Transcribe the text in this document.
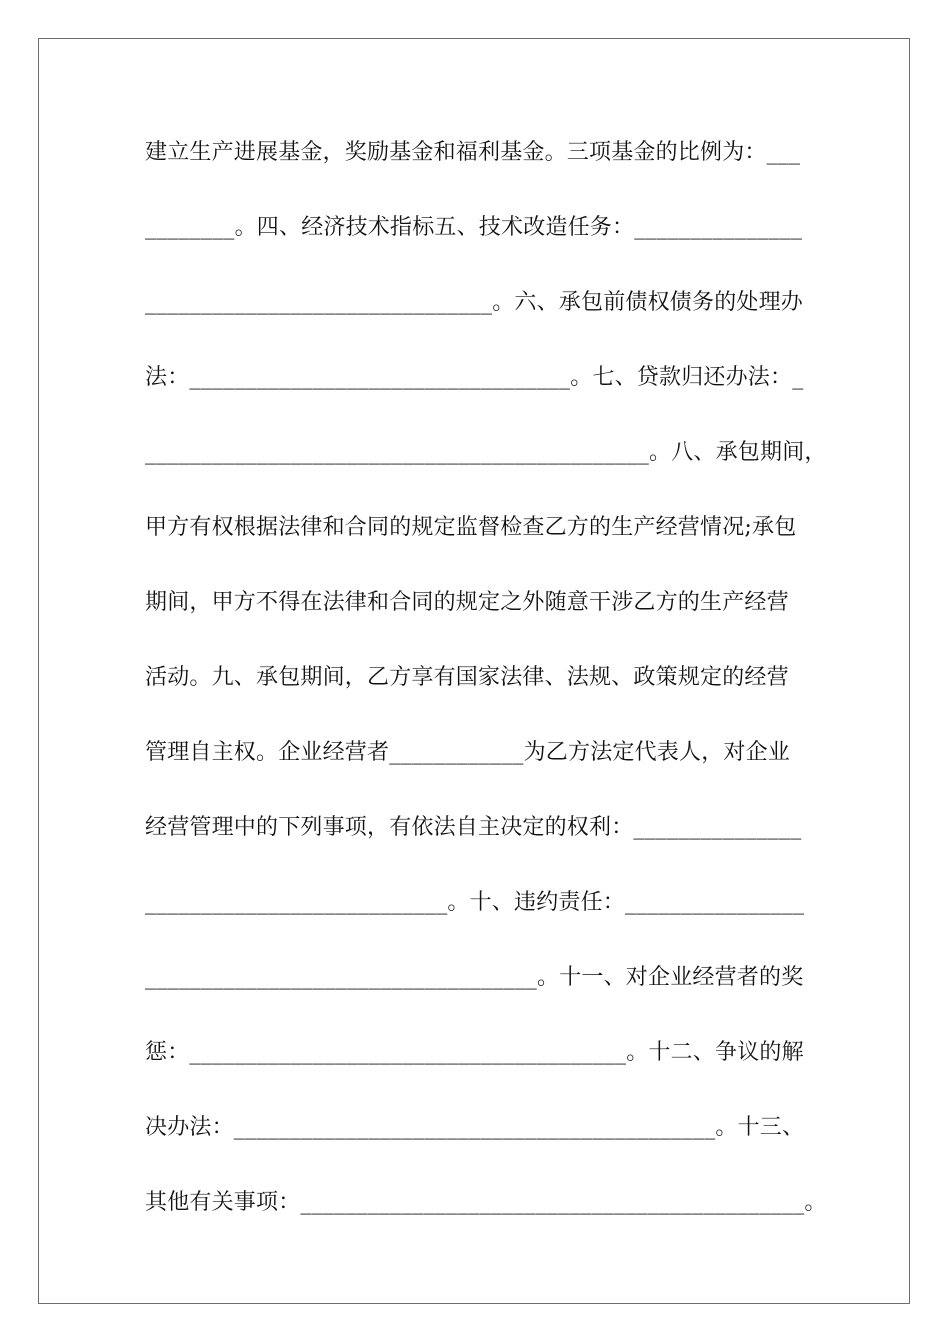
建立生产进展基金，奖励基金和福利基金。三项基金的比例为：___
________。四、经济技术指标五、技术改造任务：_______________
_______________________________。六、承包前债权债务的处理办
法：__________________________________。七、贷款归还办法：_
_____________________________________________。八、承包期间，
甲方有权根据法律和合同的规定监督检查乙方的生产经营情况;承包
期间，甲方不得在法律和合同的规定之外随意干涉乙方的生产经营
活动。九、承包期间，乙方享有国家法律、法规、政策规定的经营
管理自主权。企业经营者____________为乙方法定代表人，对企业
经营管理中的下列事项，有依法自主决定的权利：_______________
___________________________。十、违约责任：________________
___________________________________。十一、对企业经营者的奖
惩：_______________________________________。十二、争议的解
决办法：___________________________________________。十三、
其他有关事项：_____________________________________________。
